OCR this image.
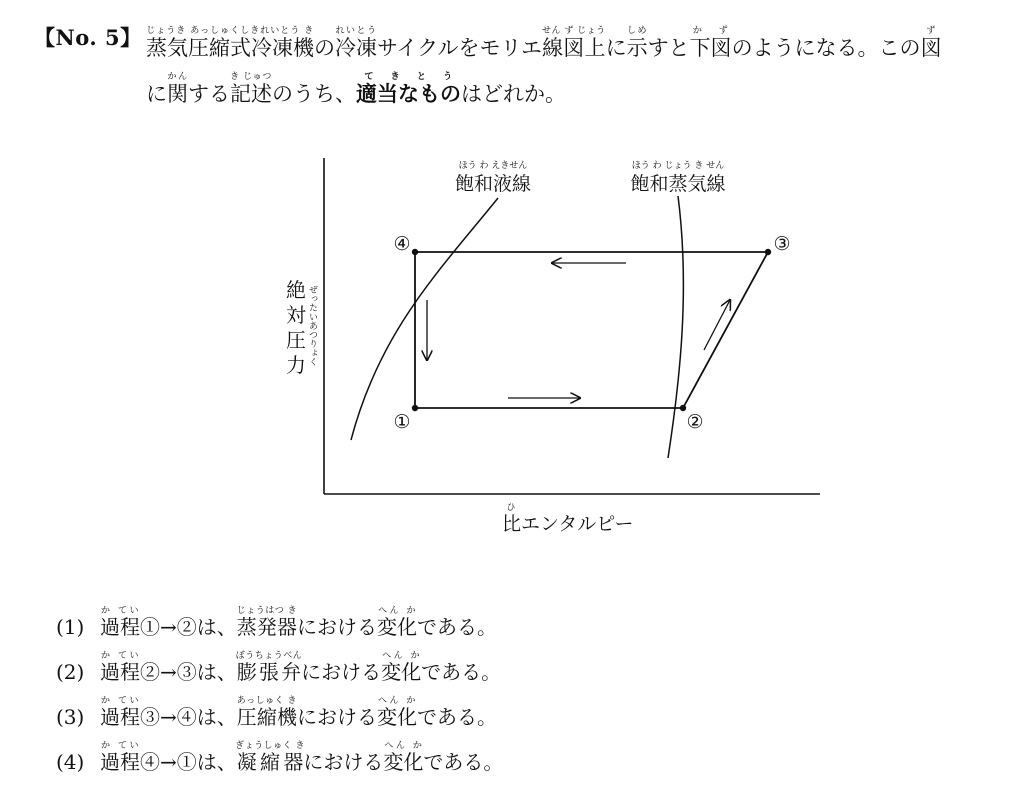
【No. 5】 蒸気圧縮式冷凍機じょうき あっしゅくしきれいとう きの冷凍れいとうサイクルをモリエ線図上せん ず じょうに示しめすと下図か ずのようになる。この図ず
に関かんする記述き じゅつのうち、適当なものてきとうはどれか。
①	②
③
④
ほう わ えきせん
飽和液線
ほう わ じょう き せん
飽和蒸気線
絶
対
圧
力 ぜったいあつりょく
ひ
比エンタルピー
(1) 過程か てい①→②は、蒸発器じょうはつ きにおける変化へん かである。
(2) 過程か てい②→③は、膨張弁ぼうちょうべんにおける変化へん かである。
(3) 過程か てい③→④は、圧縮機あっしゅく きにおける変化へん かである。
(4) 過程か てい④→①は、凝縮器ぎょうしゅく きにおける変化へん かである。
